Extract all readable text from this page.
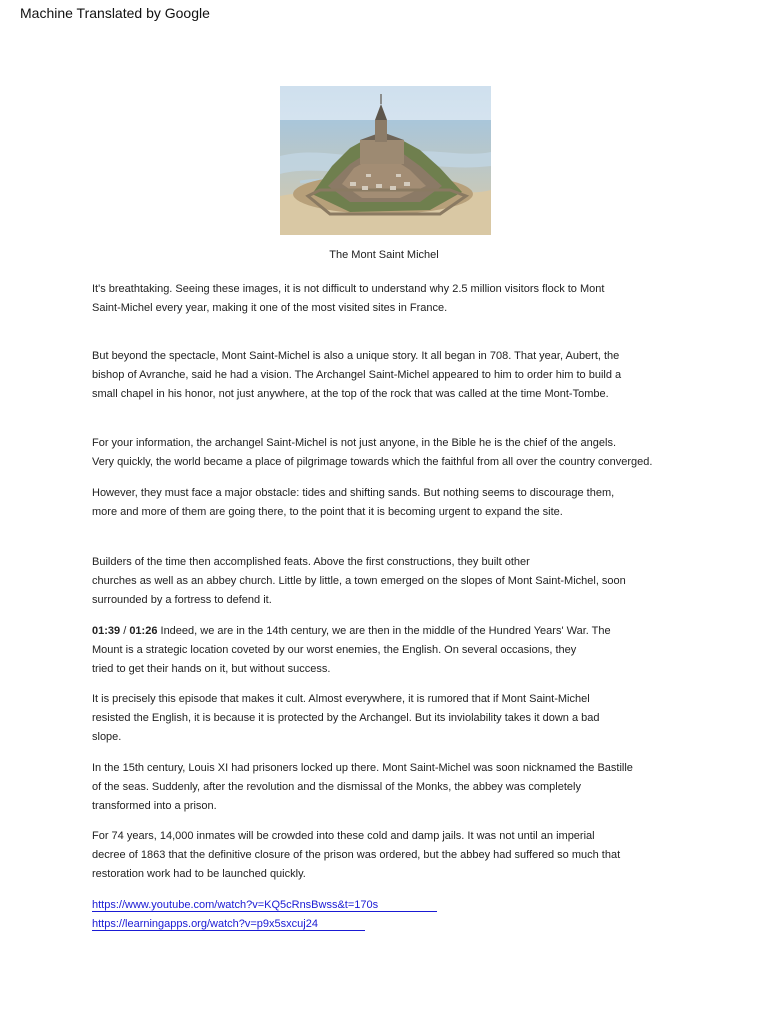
Machine Translated by Google
The Mont Saint Michel
It's breathtaking. Seeing these images, it is not difficult to understand why 2.5 million visitors flock to Mont
Saint-Michel every year, making it one of the most visited sites in France.
But beyond the spectacle, Mont Saint-Michel is also a unique story. It all began in 708. That year, Aubert, the
bishop of Avranche, said he had a vision. The Archangel Saint-Michel appeared to him to order him to build a
small chapel in his honor, not just anywhere, at the top of the rock that was called at the time Mont-Tombe.
For your information, the archangel Saint-Michel is not just anyone, in the Bible he is the chief of the angels.
Very quickly, the world became a place of pilgrimage towards which the faithful from all over the country converged.
However, they must face a major obstacle: tides and shifting sands. But nothing seems to discourage them,
more and more of them are going there, to the point that it is becoming urgent to expand the site.
Builders of the time then accomplished feats. Above the first constructions, they built other
churches as well as an abbey church. Little by little, a town emerged on the slopes of Mont Saint-Michel, soon
surrounded by a fortress to defend it.
01:39 / 01:26 Indeed, we are in the 14th century, we are then in the middle of the Hundred Years' War. The
Mount is a strategic location coveted by our worst enemies, the English. On several occasions, they
tried to get their hands on it, but without success.
It is precisely this episode that makes it cult. Almost everywhere, it is rumored that if Mont Saint-Michel
resisted the English, it is because it is protected by the Archangel. But its inviolability takes it down a bad
slope.
In the 15th century, Louis XI had prisoners locked up there. Mont Saint-Michel was soon nicknamed the Bastille
of the seas. Suddenly, after the revolution and the dismissal of the Monks, the abbey was completely
transformed into a prison.
For 74 years, 14,000 inmates will be crowded into these cold and damp jails. It was not until an imperial
decree of 1863 that the definitive closure of the prison was ordered, but the abbey had suffered so much that
restoration work had to be launched quickly.
https://www.youtube.com/watch?v=KQ5cRnsBwss&t=170s
https://learningapps.org/watch?v=p9x5sxcuj24
